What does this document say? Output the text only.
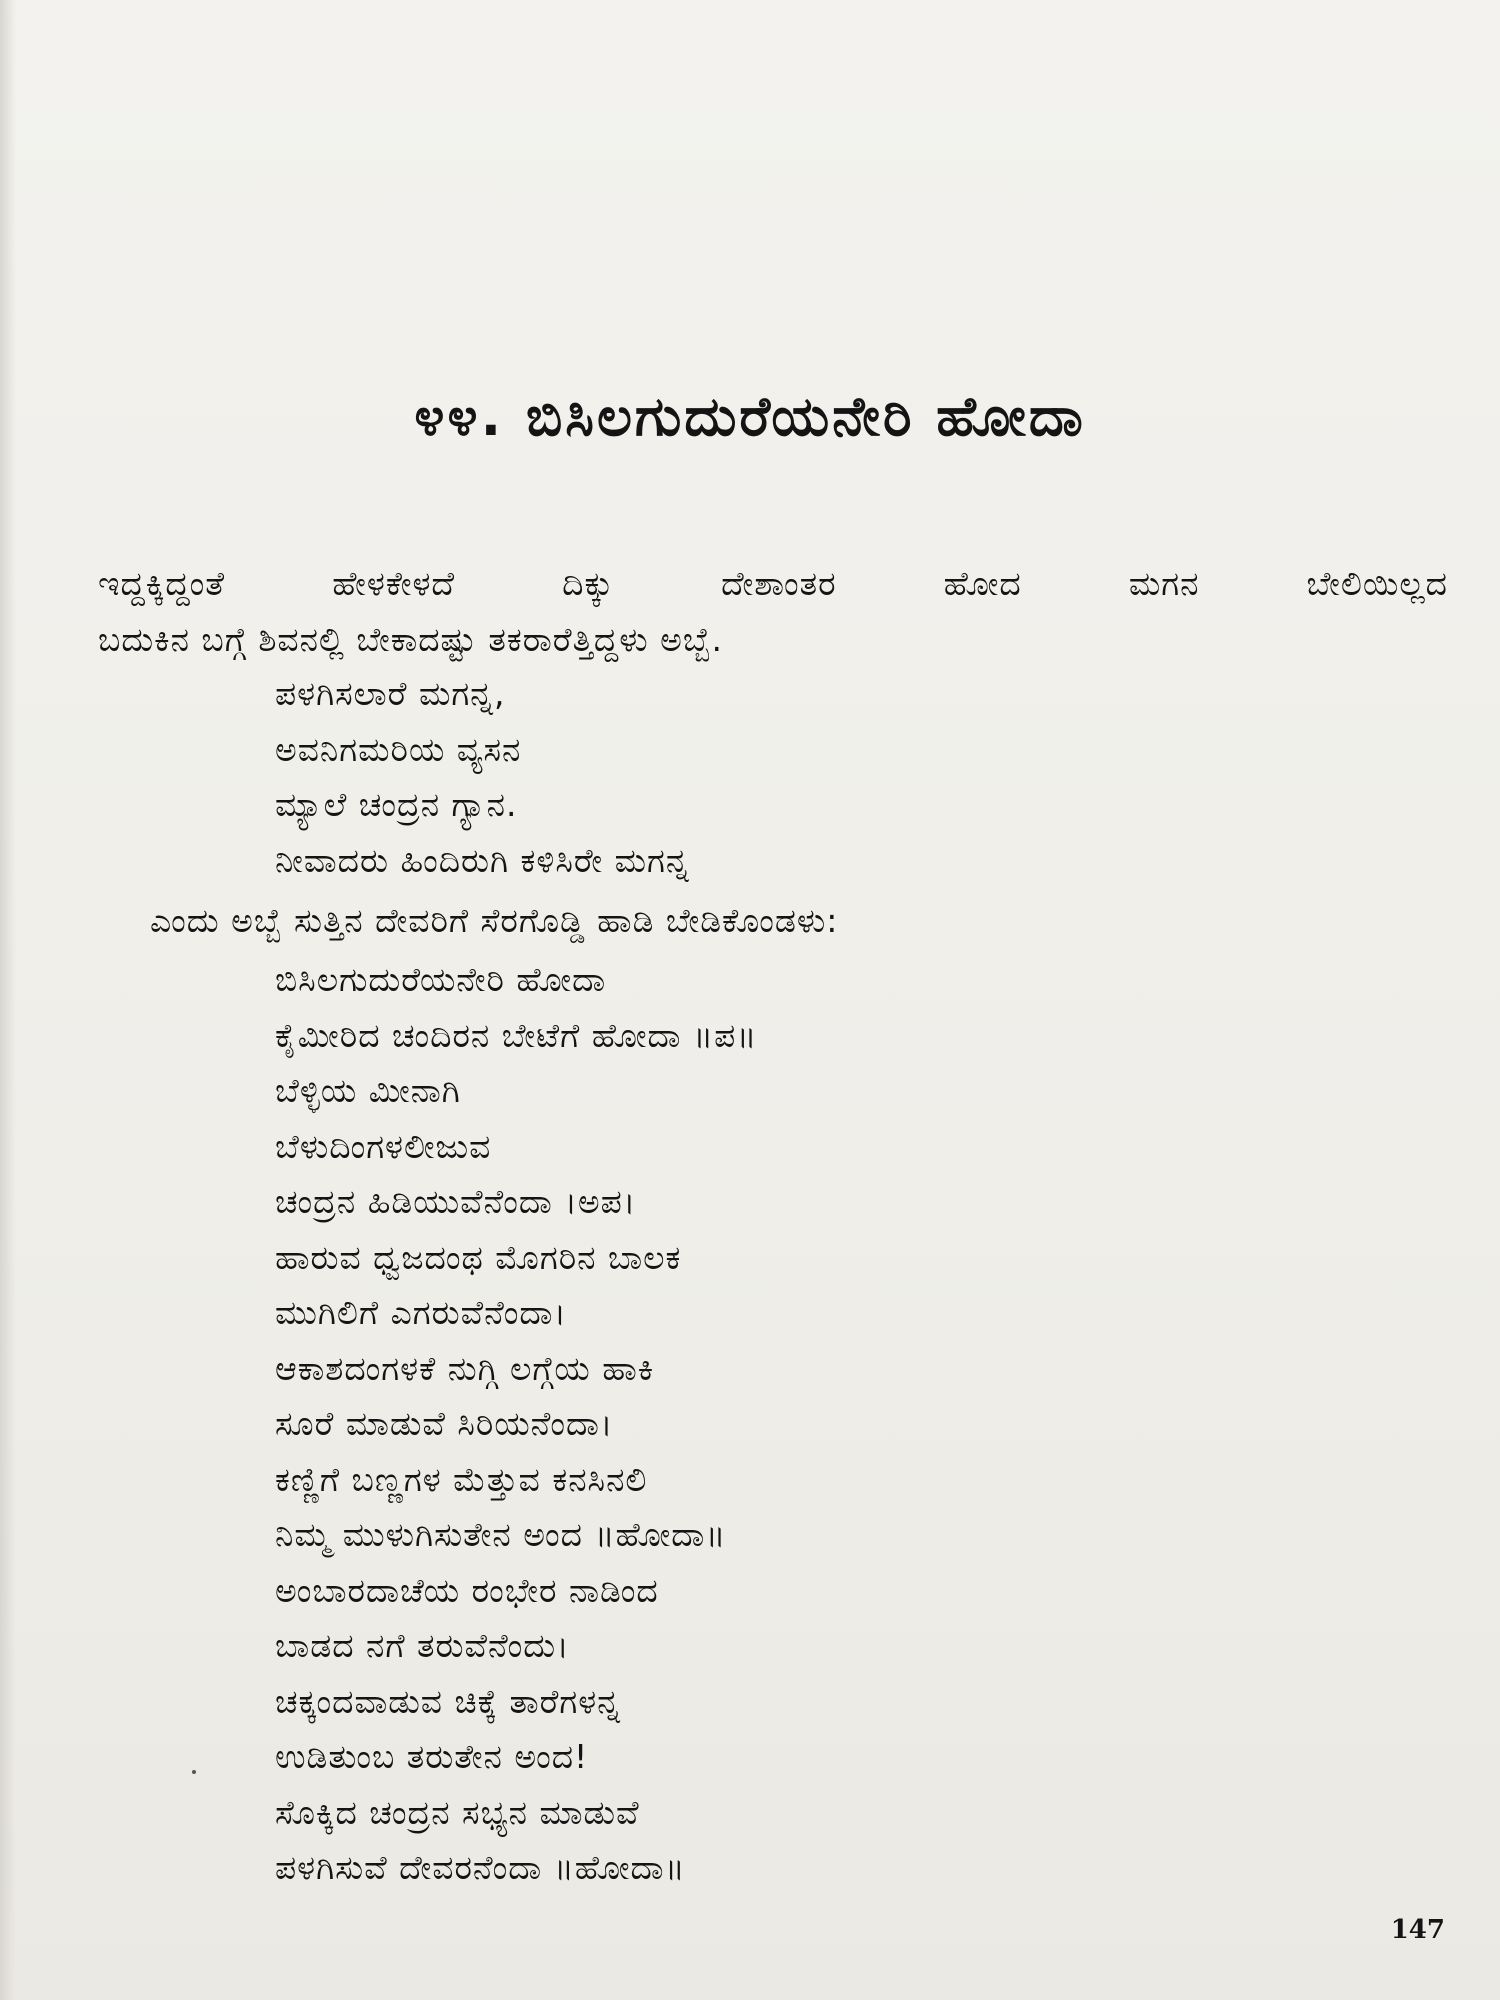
೪೪. ಬಿಸಿಲಗುದುರೆಯನೇರಿ ಹೋದಾ

ಇದ್ದಕ್ಕಿದ್ದಂತೆ ಹೇಳಕೇಳದೆ ದಿಕ್ಕು ದೇಶಾಂತರ ಹೋದ ಮಗನ ಬೇಲಿಯಿಲ್ಲದ

ಬದುಕಿನ ಬಗ್ಗೆ ಶಿವನಲ್ಲಿ ಬೇಕಾದಷ್ಟು ತಕರಾರೆತ್ತಿದ್ದಳು ಅಬ್ಬೆ.

ಪಳಗಿಸಲಾರೆ ಮಗನ್ನ,
ಅವನಿಗಮರಿಯ ವ್ಯಸನ
ಮ್ಯಾಲೆ ಚಂದ್ರನ ಗ್ಯಾನ.
ನೀವಾದರು ಹಿಂದಿರುಗಿ ಕಳಿಸಿರೇ ಮಗನ್ನ

ಎಂದು ಅಬ್ಬೆ ಸುತ್ತಿನ ದೇವರಿಗೆ ಸೆರಗೊಡ್ಡಿ ಹಾಡಿ ಬೇಡಿಕೊಂಡಳು:

ಬಿಸಿಲಗುದುರೆಯನೇರಿ ಹೋದಾ
ಕೈಮೀರಿದ ಚಂದಿರನ ಬೇಟೆಗೆ ಹೋದಾ ॥ಪ॥
ಬೆಳ್ಳಿಯ ಮೀನಾಗಿ
ಬೆಳುದಿಂಗಳಲೀಜುವ
ಚಂದ್ರನ ಹಿಡಿಯುವೆನೆಂದಾ ।ಅಪ।
ಹಾರುವ ಧ್ವಜದಂಥ ಮೊಗರಿನ ಬಾಲಕ
ಮುಗಿಲಿಗೆ ಎಗರುವೆನೆಂದಾ।
ಆಕಾಶದಂಗಳಕೆ ನುಗ್ಗಿ ಲಗ್ಗೆಯ ಹಾಕಿ
ಸೂರೆ ಮಾಡುವೆ ಸಿರಿಯನೆಂದಾ।
ಕಣ್ಣಿಗೆ ಬಣ್ಣಗಳ ಮೆತ್ತುವ ಕನಸಿನಲಿ
ನಿಮ್ಮ ಮುಳುಗಿಸುತೇನ ಅಂದ ॥ಹೋದಾ॥
ಅಂಬಾರದಾಚೆಯ ರಂಭೇರ ನಾಡಿಂದ
ಬಾಡದ ನಗೆ ತರುವೆನೆಂದು।
ಚಕ್ಕಂದವಾಡುವ ಚಿಕ್ಕೆ ತಾರೆಗಳನ್ನ
ಉಡಿತುಂಬ ತರುತೇನ ಅಂದ!
ಸೊಕ್ಕಿದ ಚಂದ್ರನ ಸಭ್ಯನ ಮಾಡುವೆ
ಪಳಗಿಸುವೆ ದೇವರನೆಂದಾ ॥ಹೋದಾ॥

147
